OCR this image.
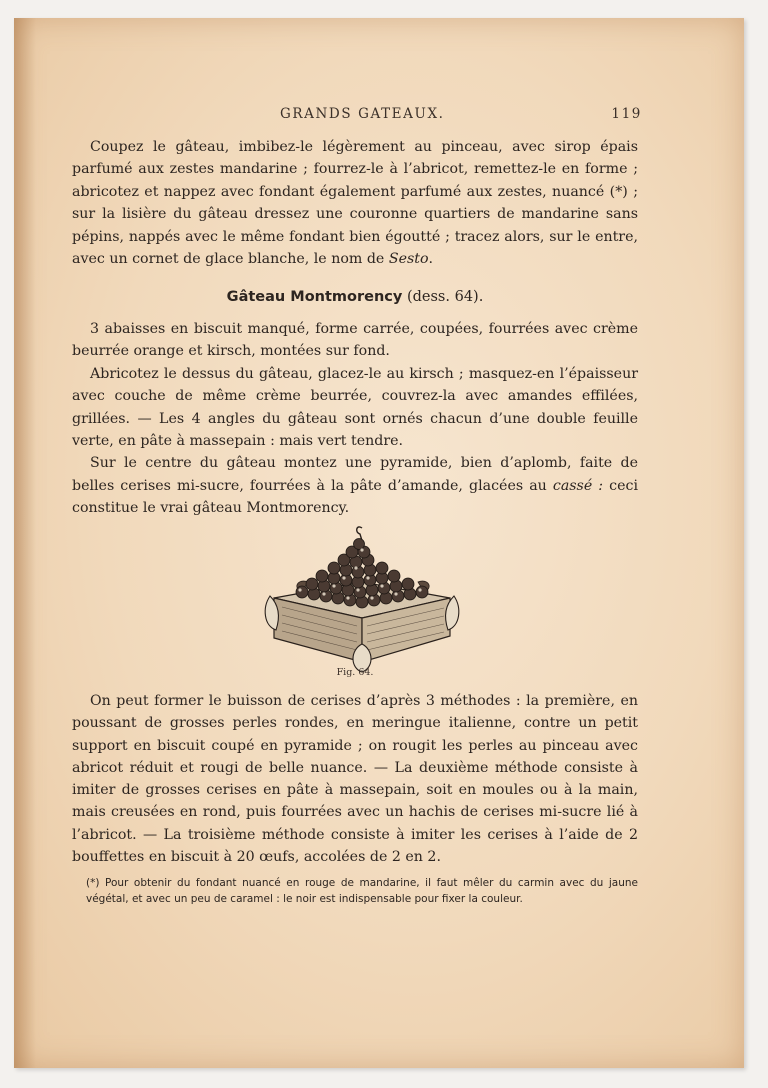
GRANDS GATEAUX.	119

Coupez le gâteau, imbibez-le légèrement au pinceau, avec sirop épais parfumé aux zestes mandarine ; fourrez-le à l’abricot, remettez-le en forme ; abricotez et nappez avec fondant également parfumé aux zestes, nuancé (*) ; sur la lisière du gâteau dressez une couronne quartiers de mandarine sans pépins, nappés avec le même fondant bien égoutté ; tracez alors, sur le entre, avec un cornet de glace blanche, le nom de Sesto.

Gâteau Montmorency (dess. 64).

3 abaisses en biscuit manqué, forme carrée, coupées, fourrées avec crème beurrée orange et kirsch, montées sur fond.

Abricotez le dessus du gâteau, glacez-le au kirsch ; masquez-en l’épaisseur avec couche de même crème beurrée, couvrez-la avec amandes effilées, grillées. — Les 4 angles du gâteau sont ornés chacun d’une double feuille verte, en pâte à massepain : mais vert tendre.

Sur le centre du gâteau montez une pyramide, bien d’aplomb, faite de belles cerises mi-sucre, fourrées à la pâte d’amande, glacées au cassé : ceci constitue le vrai gâteau Montmorency.

Fig. 64.

On peut former le buisson de cerises d’après 3 méthodes : la première, en poussant de grosses perles rondes, en meringue italienne, contre un petit support en biscuit coupé en pyramide ; on rougit les perles au pinceau avec abricot réduit et rougi de belle nuance. — La deuxième méthode consiste à imiter de grosses cerises en pâte à massepain, soit en moules ou à la main, mais creusées en rond, puis fourrées avec un hachis de cerises mi-sucre lié à l’abricot. — La troisième méthode consiste à imiter les cerises à l’aide de 2 bouffettes en biscuit à 20 œufs, accolées de 2 en 2.

(*) Pour obtenir du fondant nuancé en rouge de mandarine, il faut mêler du carmin avec du jaune végétal, et avec un peu de caramel : le noir est indispensable pour fixer la couleur.
